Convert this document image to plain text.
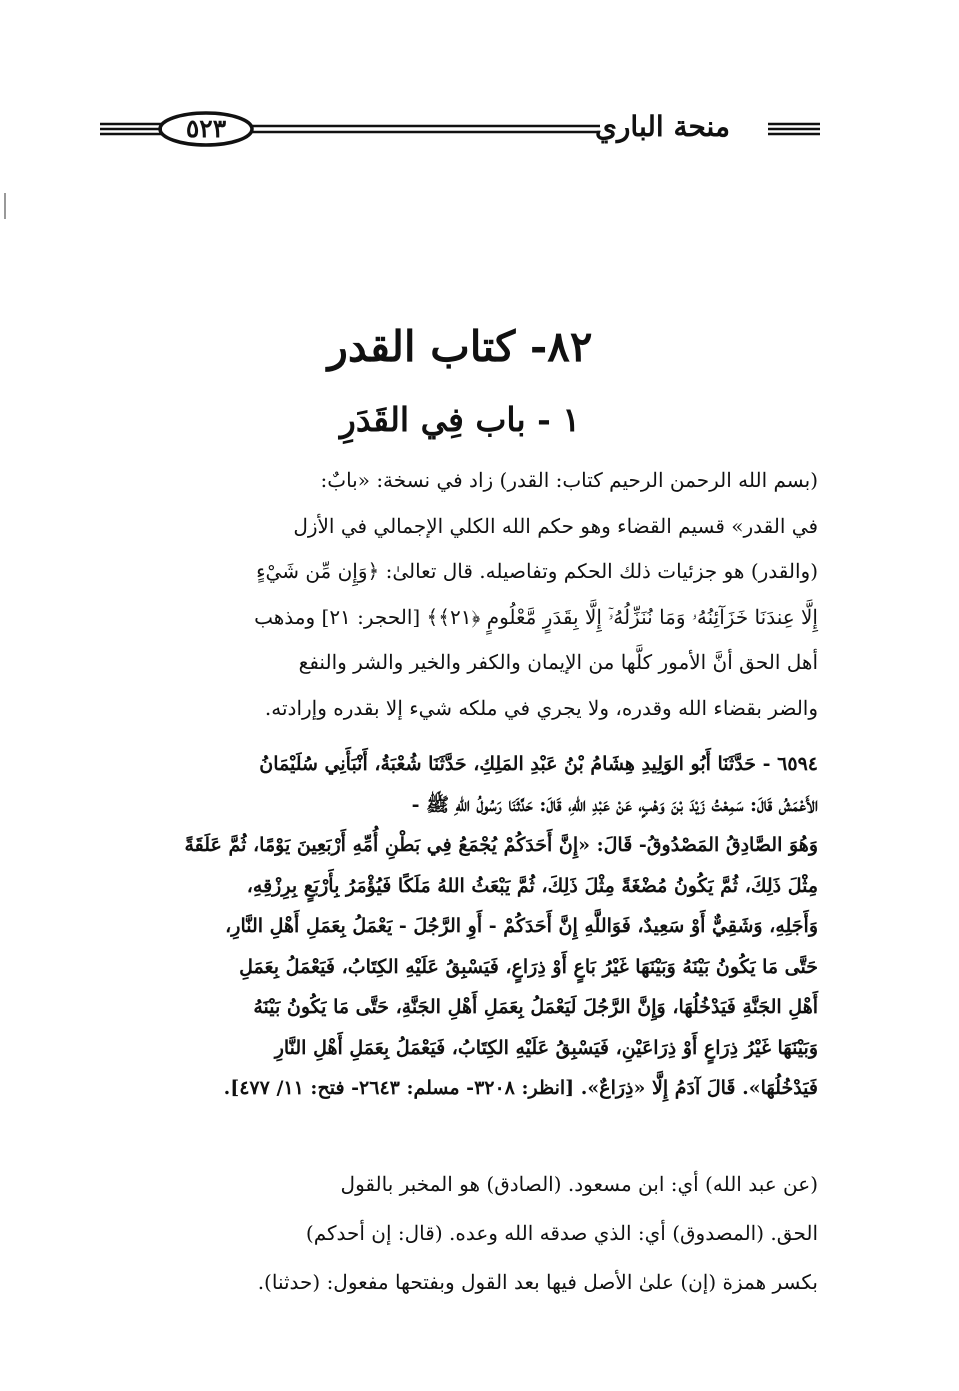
٥٢٣	منحة الباري
٨٢- كتاب القدر
١ - باب فِي القَدَرِ
(بسم الله الرحمن الرحيم كتاب: القدر) زاد في نسخة: «بابٌ:
في القدر» قسيم القضاء وهو حكم الله الكلي الإجمالي في الأزل
(والقدر) هو جزئيات ذلك الحكم وتفاصيله. قال تعالىٰ: ﴿وَإِن مِّن شَيْءٍ
إِلَّا عِندَنَا خَزَآئِنُهُۥ وَمَا نُنَزِّلُهُۥٓ إِلَّا بِقَدَرٍ مَّعْلُومٍ ﴿٢١﴾﴾ [الحجر: ٢١] ومذهب
أهل الحق أنَّ الأمور كلَّها من الإيمان والكفر والخير والشر والنفع
والضر بقضاء الله وقدره، ولا يجري في ملكه شيء إلا بقدره وإرادته.
٦٥٩٤ - حَدَّثَنَا أَبُو الوَلِيدِ هِشَامُ بْنُ عَبْدِ المَلِكِ، حَدَّثَنَا شُعْبَةُ، أَنْبَأَنِي سُلَيْمَانُ
الأَعْمَشُ قَالَ: سَمِعْتُ زَيْدَ بْنَ وَهْبٍ، عَنْ عَبْدِ اللهِ، قَالَ: حَدَّثَنَا رَسُولُ اللهِ ﷺ -
وَهُوَ الصَّادِقُ المَصْدُوقُ- قَالَ: «إِنَّ أَحَدَكُمْ يُجْمَعُ فِي بَطْنِ أُمِّهِ أَرْبَعِينَ يَوْمًا، ثُمَّ عَلَقَةً
مِثْلَ ذَلِكَ، ثُمَّ يَكُونُ مُضْغَةً مِثْلَ ذَلِكَ، ثُمَّ يَبْعَثُ اللهُ مَلَكًا فَيُؤْمَرُ بِأَرْبَعٍ بِرِزْقِهِ،
وَأَجَلِهِ، وَشَقِيٌّ أَوْ سَعِيدٌ، فَوَاللَّهِ إِنَّ أَحَدَكُمْ - أَوِ الرَّجُلَ - يَعْمَلُ بِعَمَلِ أَهْلِ النَّارِ،
حَتَّى مَا يَكُونُ بَيْنَهُ وَبَيْنَهَا غَيْرُ بَاعٍ أَوْ ذِرَاعٍ، فَيَسْبِقُ عَلَيْهِ الكِتَابُ، فَيَعْمَلُ بِعَمَلِ
أَهْلِ الجَنَّةِ فَيَدْخُلُهَا، وَإِنَّ الرَّجُلَ لَيَعْمَلُ بِعَمَلِ أَهْلِ الجَنَّةِ، حَتَّى مَا يَكُونُ بَيْنَهُ
وَبَيْنَهَا غَيْرُ ذِرَاعٍ أَوْ ذِرَاعَيْنِ، فَيَسْبِقُ عَلَيْهِ الكِتَابُ، فَيَعْمَلُ بِعَمَلِ أَهْلِ النَّارِ
فَيَدْخُلُهَا». قَالَ آدَمُ إِلَّا «ذِرَاعٌ». [انظر: ٣٢٠٨- مسلم: ٢٦٤٣- فتح: ١١/ ٤٧٧].
(عن عبد الله) أي: ابن مسعود. (الصادق) هو المخبر بالقول
الحق. (المصدوق) أي: الذي صدقه الله وعده. (قال: إن أحدكم)
بكسر همزة (إن) علىٰ الأصل فيها بعد القول وبفتحها مفعول: (حدثنا).
